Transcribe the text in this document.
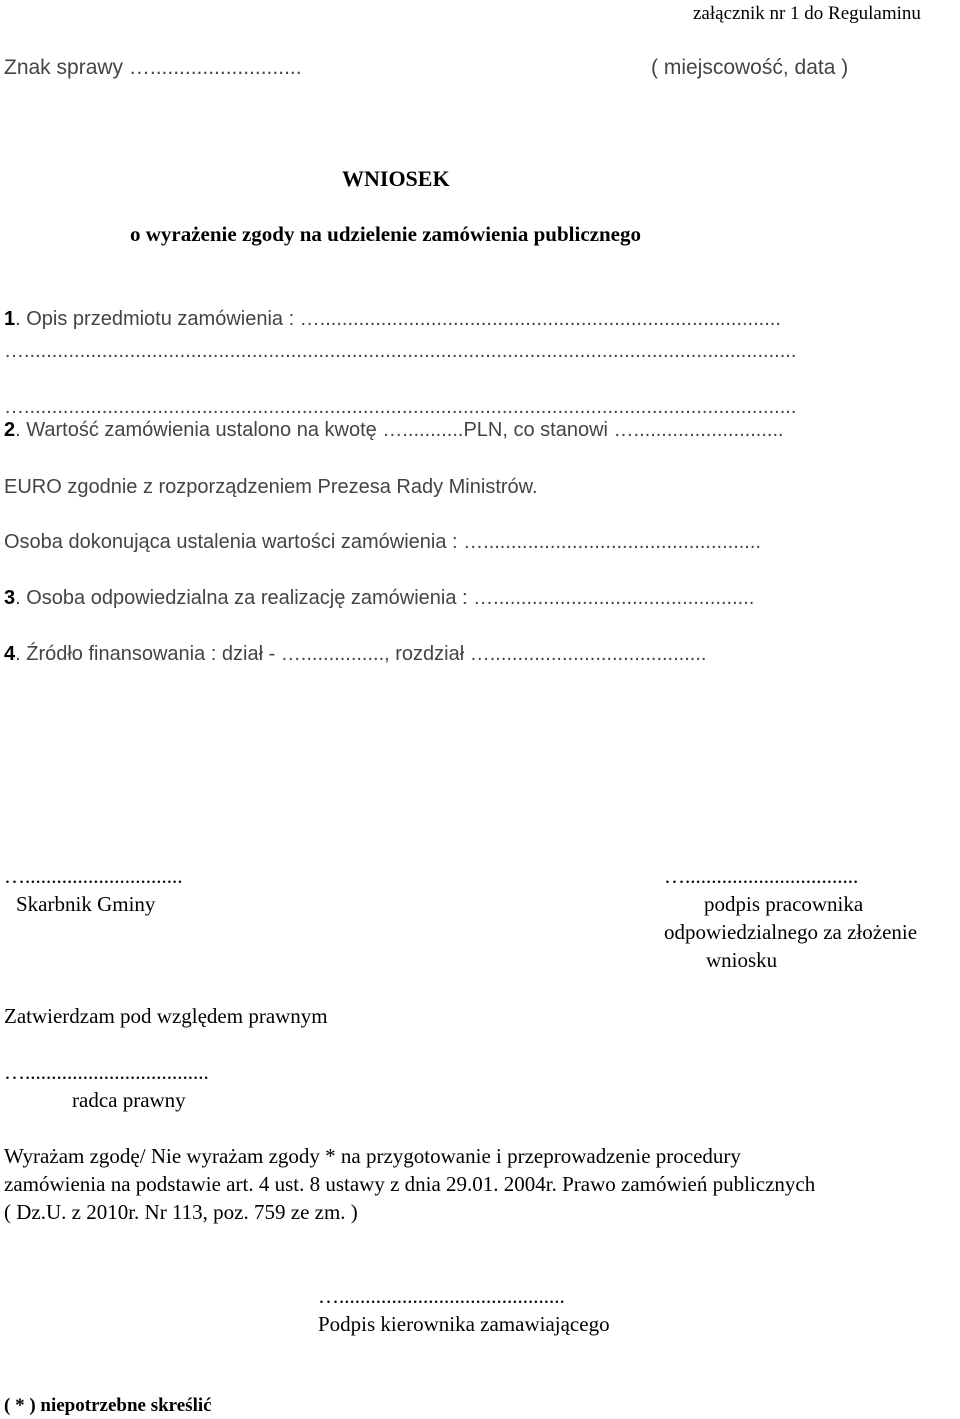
załącznik nr 1 do Regulaminu
Znak sprawy …..........................	( miejscowość, data )
WNIOSEK
o wyrażenie zgody na udzielenie zamówienia publicznego
1. Opis przedmiotu zamówienia : …...................................................................................
…...........................................................................................................................................
…...........................................................................................................................................
2. Wartość zamówienia ustalono na kwotę …...........PLN, co stanowi …...........................
EURO zgodnie z rozporządzeniem Prezesa Rady Ministrów.
Osoba dokonująca ustalenia wartości zamówienia : …..................................................
3. Osoba odpowiedzialna za realizację zamówienia : …...............................................
4. Źródło finansowania : dział - …..............., rozdział ….......................................
…..............................
Skarbnik Gminy
….................................
podpis pracownika
odpowiedzialnego za złożenie
wniosku
Zatwierdzam pod względem prawnym
…...................................
radca prawny
Wyrażam zgodę/ Nie wyrażam zgody * na przygotowanie i przeprowadzenie procedury
zamówienia na podstawie art. 4 ust. 8 ustawy z dnia 29.01. 2004r. Prawo zamówień publicznych
( Dz.U. z 2010r. Nr 113, poz. 759 ze zm. )
…...........................................
Podpis kierownika zamawiającego
( * ) niepotrzebne skreślić
